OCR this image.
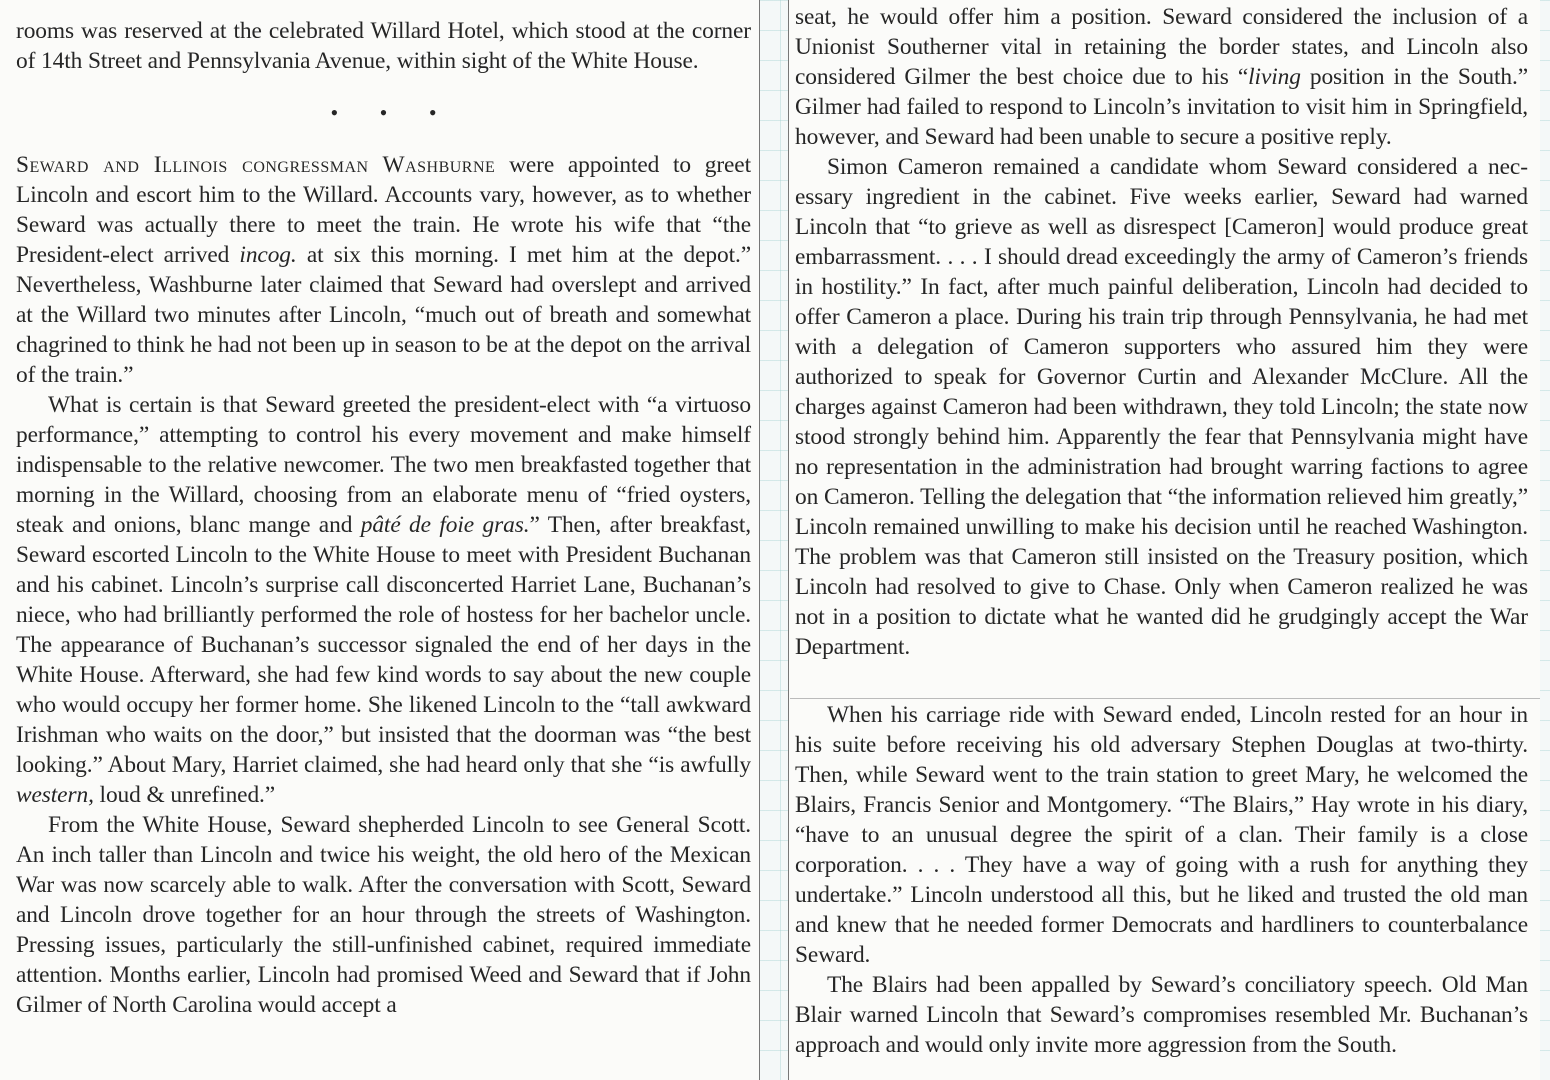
rooms was reserved at the celebrated Willard Hotel, which stood at the corner of 14th Street and Pennsylvania Avenue, within sight of the White House.

• • •

Seward and Illinois congressman Washburne were appointed to greet Lincoln and escort him to the Willard. Accounts vary, however, as to whether Seward was actually there to meet the train. He wrote his wife that “the President-elect arrived incog. at six this morning. I met him at the depot.” Nevertheless, Washburne later claimed that Seward had overslept and arrived at the Willard two minutes after Lincoln, “much out of breath and somewhat chagrined to think he had not been up in season to be at the depot on the arrival of the train.”

What is certain is that Seward greeted the president-elect with “a virtuoso performance,” attempting to control his every movement and make himself indispensable to the relative newcomer. The two men breakfasted together that morning in the Willard, choosing from an elaborate menu of “fried oysters, steak and onions, blanc mange and pâté de foie gras.” Then, after breakfast, Seward escorted Lincoln to the White House to meet with President Buchanan and his cabinet. Lincoln’s surprise call disconcerted Harriet Lane, Buchanan’s niece, who had brilliantly performed the role of hostess for her bachelor uncle. The appearance of Buchanan’s successor signaled the end of her days in the White House. Afterward, she had few kind words to say about the new couple who would occupy her former home. She likened Lincoln to the “tall awkward Irishman who waits on the door,” but insisted that the doorman was “the best looking.” About Mary, Harriet claimed, she had heard only that she “is awfully western, loud & unrefined.”

From the White House, Seward shepherded Lincoln to see General Scott. An inch taller than Lincoln and twice his weight, the old hero of the Mexican War was now scarcely able to walk. After the conversation with Scott, Seward and Lincoln drove together for an hour through the streets of Washington. Pressing issues, particularly the still-unfinished cabinet, required immediate attention. Months earlier, Lincoln had promised Weed and Seward that if John Gilmer of North Carolina would accept a

seat, he would offer him a position. Seward considered the inclusion of a Unionist Southerner vital in retaining the border states, and Lincoln also considered Gilmer the best choice due to his “living position in the South.” Gilmer had failed to respond to Lincoln’s invitation to visit him in Springfield, however, and Seward had been unable to secure a positive reply.

Simon Cameron remained a candidate whom Seward considered a necessary ingredient in the cabinet. Five weeks earlier, Seward had warned Lincoln that “to grieve as well as disrespect [Cameron] would produce great embarrassment. . . . I should dread exceedingly the army of Cameron’s friends in hostility.” In fact, after much painful deliberation, Lincoln had decided to offer Cameron a place. During his train trip through Pennsylvania, he had met with a delegation of Cameron supporters who assured him they were authorized to speak for Governor Curtin and Alexander McClure. All the charges against Cameron had been withdrawn, they told Lincoln; the state now stood strongly behind him. Apparently the fear that Pennsylvania might have no representation in the administration had brought warring factions to agree on Cameron. Telling the delegation that “the information relieved him greatly,” Lincoln remained unwilling to make his decision until he reached Washington. The problem was that Cameron still insisted on the Treasury position, which Lincoln had resolved to give to Chase. Only when Cameron realized he was not in a position to dictate what he wanted did he grudgingly accept the War Department.

When his carriage ride with Seward ended, Lincoln rested for an hour in his suite before receiving his old adversary Stephen Douglas at two-thirty. Then, while Seward went to the train station to greet Mary, he welcomed the Blairs, Francis Senior and Montgomery. “The Blairs,” Hay wrote in his diary, “have to an unusual degree the spirit of a clan. Their family is a close corporation. . . . They have a way of going with a rush for anything they undertake.” Lincoln understood all this, but he liked and trusted the old man and knew that he needed former Democrats and hardliners to counterbalance Seward.

The Blairs had been appalled by Seward’s conciliatory speech. Old Man Blair warned Lincoln that Seward’s compromises resembled Mr. Buchanan’s approach and would only invite more aggression from the South.
